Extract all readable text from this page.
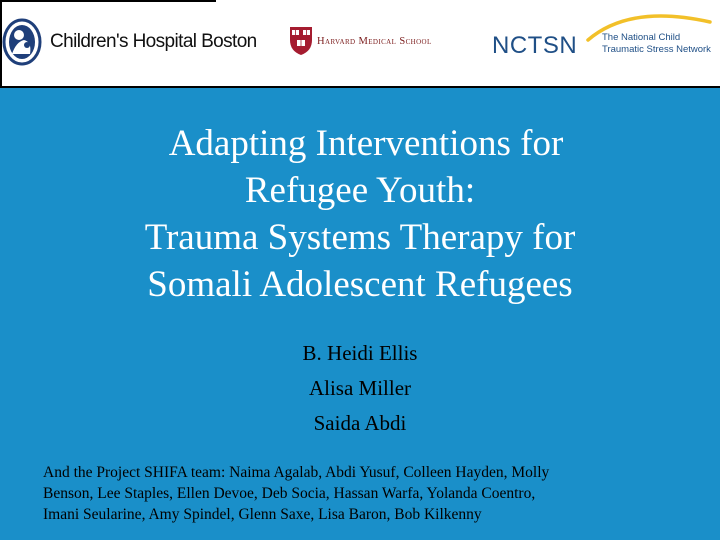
Children's Hospital Boston	Harvard Medical School	NCTSN	The National Child
Traumatic Stress Network
Adapting Interventions for
Refugee Youth:
Trauma Systems Therapy for
Somali Adolescent Refugees
B. Heidi Ellis
Alisa Miller
Saida Abdi
And the Project SHIFA team: Naima Agalab, Abdi Yusuf, Colleen Hayden, Molly
Benson, Lee Staples, Ellen Devoe, Deb Socia, Hassan Warfa, Yolanda Coentro,
Imani Seularine, Amy Spindel, Glenn Saxe, Lisa Baron, Bob Kilkenny
